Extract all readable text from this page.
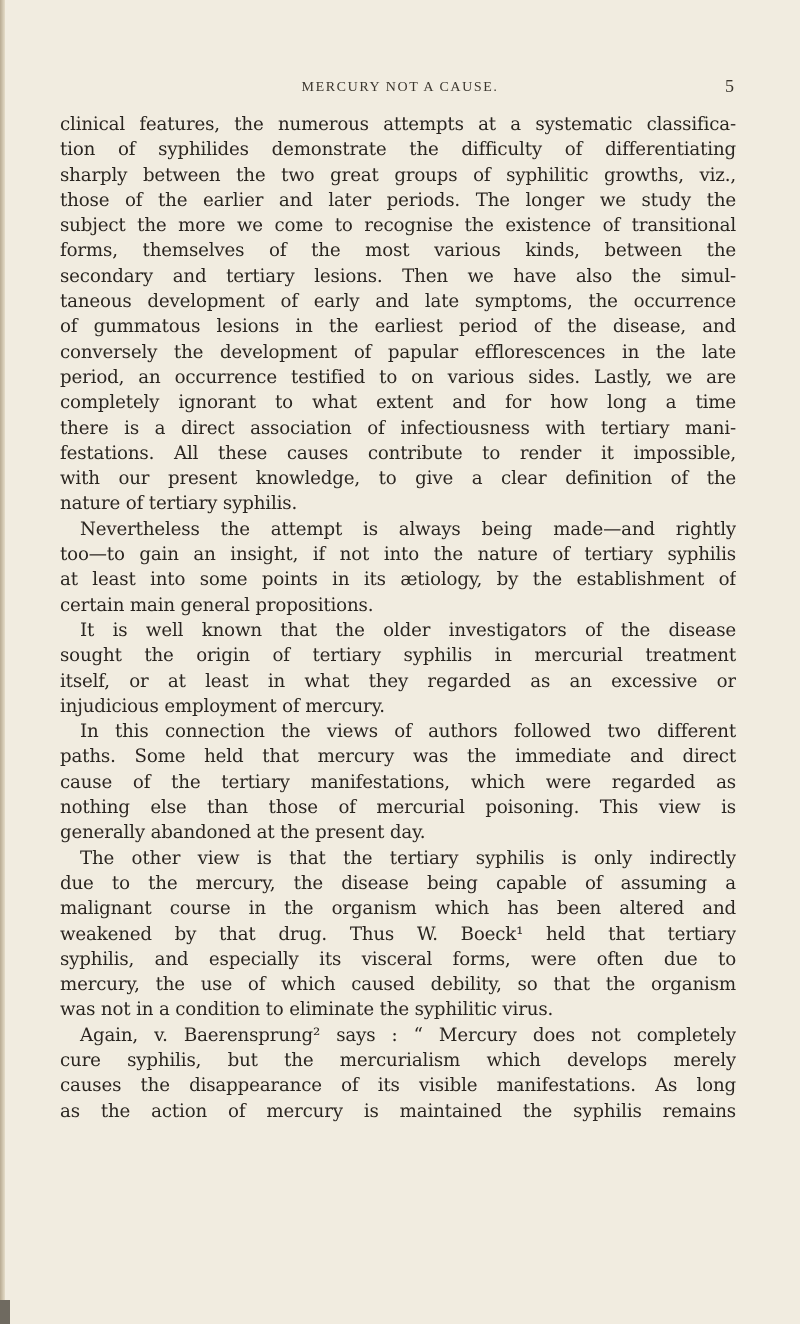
MERCURY NOT A CAUSE.	5
clinical features, the numerous attempts at a systematic classifica-
tion of syphilides demonstrate the difficulty of differentiating
sharply between the two great groups of syphilitic growths, viz.,
those of the earlier and later periods. The longer we study the
subject the more we come to recognise the existence of transitional
forms, themselves of the most various kinds, between the
secondary and tertiary lesions. Then we have also the simul-
taneous development of early and late symptoms, the occurrence
of gummatous lesions in the earliest period of the disease, and
conversely the development of papular efflorescences in the late
period, an occurrence testified to on various sides. Lastly, we are
completely ignorant to what extent and for how long a time
there is a direct association of infectiousness with tertiary mani-
festations. All these causes contribute to render it impossible,
with our present knowledge, to give a clear definition of the
nature of tertiary syphilis.
Nevertheless the attempt is always being made—and rightly
too—to gain an insight, if not into the nature of tertiary syphilis
at least into some points in its ætiology, by the establishment of
certain main general propositions.
It is well known that the older investigators of the disease
sought the origin of tertiary syphilis in mercurial treatment
itself, or at least in what they regarded as an excessive or
injudicious employment of mercury.
In this connection the views of authors followed two different
paths. Some held that mercury was the immediate and direct
cause of the tertiary manifestations, which were regarded as
nothing else than those of mercurial poisoning. This view is
generally abandoned at the present day.
The other view is that the tertiary syphilis is only indirectly
due to the mercury, the disease being capable of assuming a
malignant course in the organism which has been altered and
weakened by that drug. Thus W. Boeck¹ held that tertiary
syphilis, and especially its visceral forms, were often due to
mercury, the use of which caused debility, so that the organism
was not in a condition to eliminate the syphilitic virus.
Again, v. Baerensprung² says : “ Mercury does not completely
cure syphilis, but the mercurialism which develops merely
causes the disappearance of its visible manifestations. As long
as the action of mercury is maintained the syphilis remains
